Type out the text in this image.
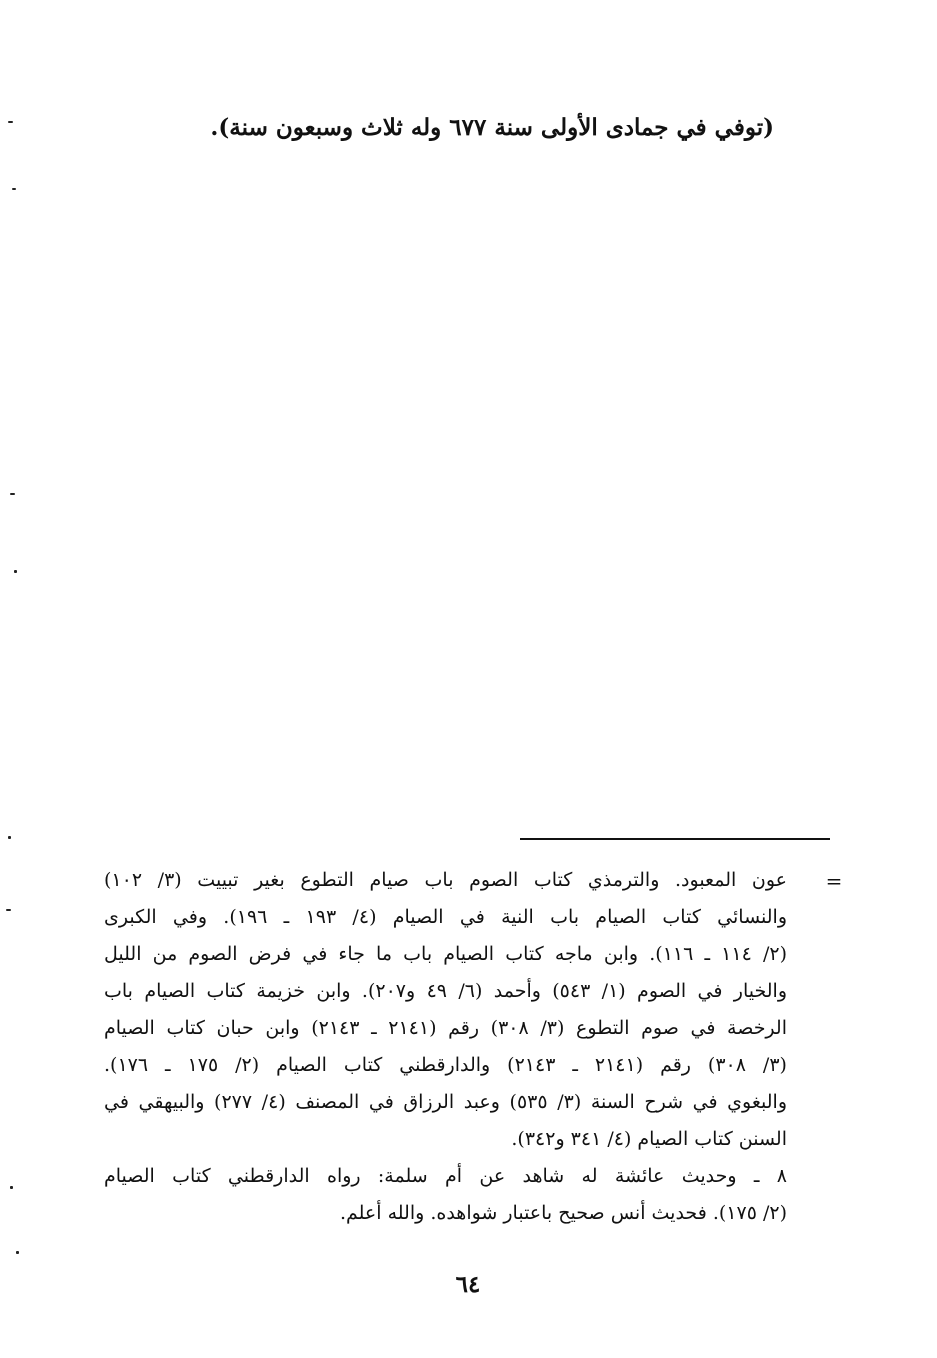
(توفي في جمادى الأولى سنة ٦٧٧ وله ثلاث وسبعون سنة).
=
عون المعبود. والترمذي كتاب الصوم باب صيام التطوع بغير تبييت (٣/ ١٠٢)
والنسائي كتاب الصيام باب النية في الصيام (٤/ ١٩٣ ـ ١٩٦). وفي الكبرى
(٢/ ١١٤ ـ ١١٦). وابن ماجه كتاب الصيام باب ما جاء في فرض الصوم من الليل
والخيار في الصوم (١/ ٥٤٣) وأحمد (٦/ ٤٩ و٢٠٧). وابن خزيمة كتاب الصيام باب
الرخصة في صوم التطوع (٣/ ٣٠٨) رقم (٢١٤١ ـ ٢١٤٣) وابن حبان كتاب الصيام
(٣/ ٣٠٨) رقم (٢١٤١ ـ ٢١٤٣) والدارقطني كتاب الصيام (٢/ ١٧٥ ـ ١٧٦).
والبغوي في شرح السنة (٣/ ٥٣٥) وعبد الرزاق في المصنف (٤/ ٢٧٧) والبيهقي في
السنن كتاب الصيام (٤/ ٣٤١ و٣٤٢).
٨ ـ وحديث عائشة له شاهد عن أم سلمة: رواه الدارقطني كتاب الصيام
(٢/ ١٧٥). فحديث أنس صحيح باعتبار شواهده. والله أعلم.
٦٤
